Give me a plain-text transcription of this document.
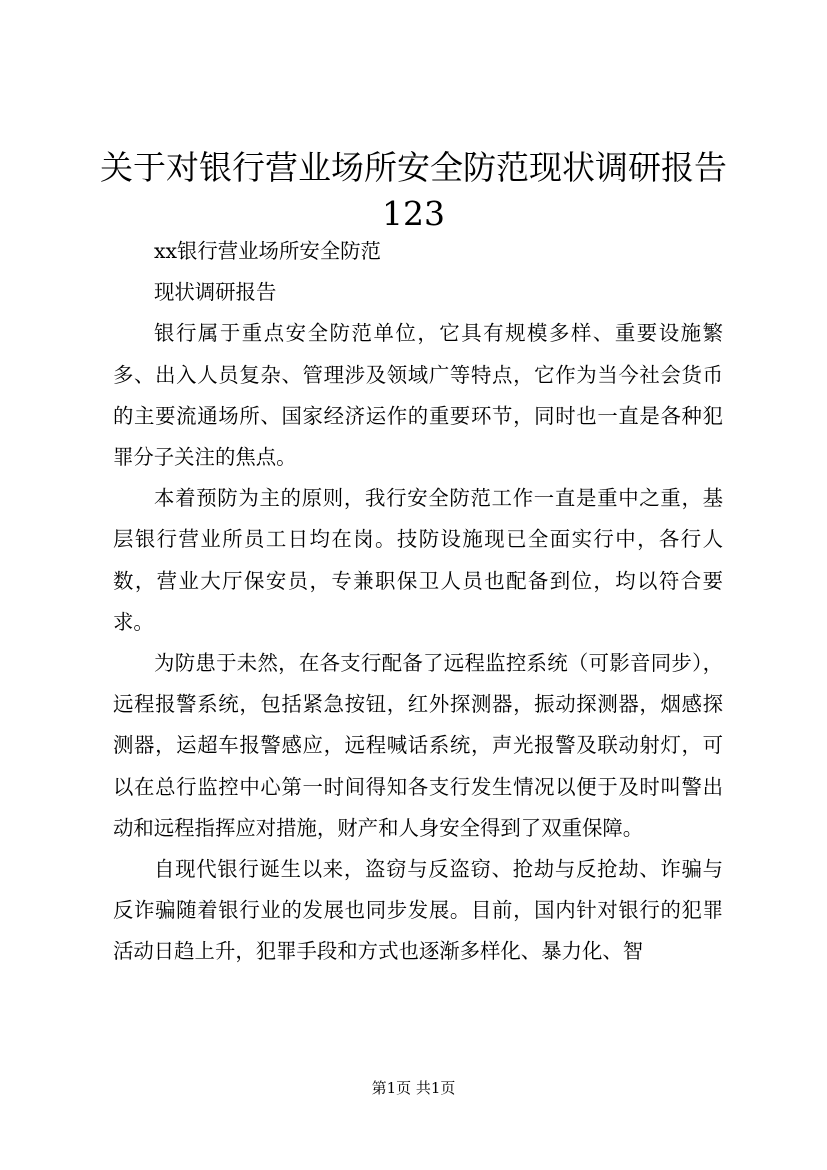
关于对银行营业场所安全防范现状调研报告
123

xx银行营业场所安全防范

现状调研报告

银行属于重点安全防范单位，它具有规模多样、重要设施繁多、出入人员复杂、管理涉及领域广等特点，它作为当今社会货币的主要流通场所、国家经济运作的重要环节，同时也一直是各种犯罪分子关注的焦点。

本着预防为主的原则，我行安全防范工作一直是重中之重，基层银行营业所员工日均在岗。技防设施现已全面实行中，各行人数，营业大厅保安员，专兼职保卫人员也配备到位，均以符合要求。

为防患于未然，在各支行配备了远程监控系统（可影音同步），远程报警系统，包括紧急按钮，红外探测器，振动探测器，烟感探测器，运超车报警感应，远程喊话系统，声光报警及联动射灯，可以在总行监控中心第一时间得知各支行发生情况以便于及时叫警出动和远程指挥应对措施，财产和人身安全得到了双重保障。

自现代银行诞生以来，盗窃与反盗窃、抢劫与反抢劫、诈骗与反诈骗随着银行业的发展也同步发展。目前，国内针对银行的犯罪活动日趋上升，犯罪手段和方式也逐渐多样化、暴力化、智

第1页 共1页
